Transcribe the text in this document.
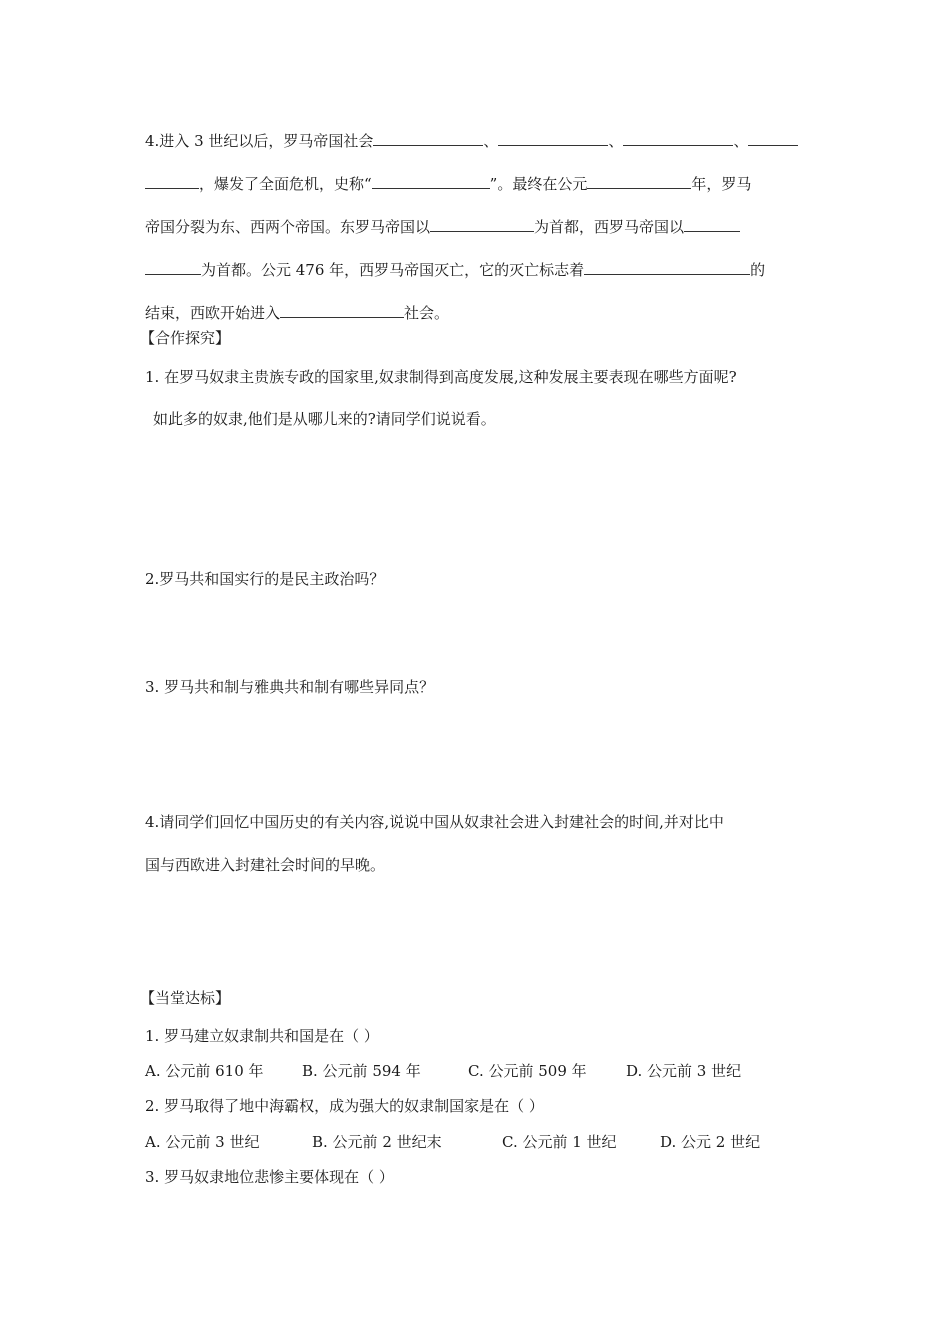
4.进入 3 世纪以后，罗马帝国社会	、	、	、
，爆发了全面危机，史称“	”。最终在公元	年，罗马
帝国分裂为东、西两个帝国。东罗马帝国以	为首都，西罗马帝国以
为首都。公元 476 年，西罗马帝国灭亡，它的灭亡标志着	的
结束，西欧开始进入	社会。
【合作探究】
1. 在罗马奴隶主贵族专政的国家里,奴隶制得到高度发展,这种发展主要表现在哪些方面呢?
如此多的奴隶,他们是从哪儿来的?请同学们说说看。
2.罗马共和国实行的是民主政治吗？
3. 罗马共和制与雅典共和制有哪些异同点？
4.请同学们回忆中国历史的有关内容,说说中国从奴隶社会进入封建社会的时间,并对比中
国与西欧进入封建社会时间的早晚。
【当堂达标】
1. 罗马建立奴隶制共和国是在（ ）
A. 公元前 610 年	B. 公元前 594 年	C. 公元前 509 年	D. 公元前 3 世纪
2. 罗马取得了地中海霸权，成为强大的奴隶制国家是在（ ）
A. 公元前 3 世纪	B. 公元前 2 世纪末	C. 公元前 1 世纪	D. 公元 2 世纪
3. 罗马奴隶地位悲惨主要体现在（ ）
